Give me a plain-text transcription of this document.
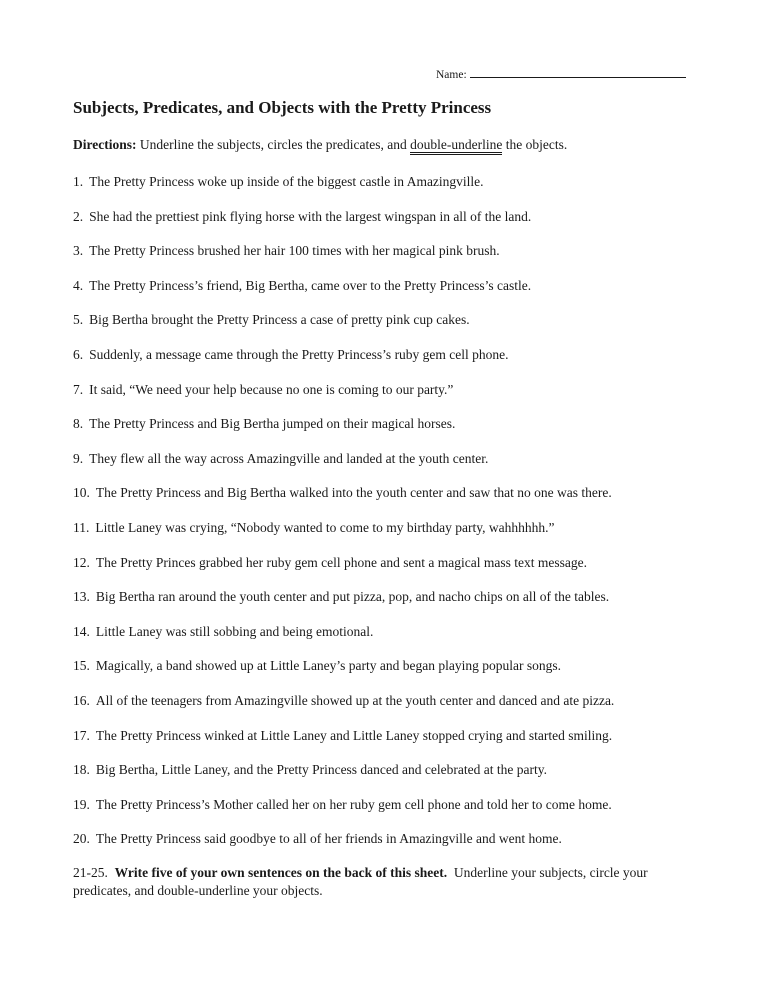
Name:
Subjects, Predicates, and Objects with the Pretty Princess
Directions: Underline the subjects, circles the predicates, and double-underline the objects.
1. The Pretty Princess woke up inside of the biggest castle in Amazingville.
2. She had the prettiest pink flying horse with the largest wingspan in all of the land.
3. The Pretty Princess brushed her hair 100 times with her magical pink brush.
4. The Pretty Princess’s friend, Big Bertha, came over to the Pretty Princess’s castle.
5. Big Bertha brought the Pretty Princess a case of pretty pink cup cakes.
6. Suddenly, a message came through the Pretty Princess’s ruby gem cell phone.
7. It said, “We need your help because no one is coming to our party.”
8. The Pretty Princess and Big Bertha jumped on their magical horses.
9. They flew all the way across Amazingville and landed at the youth center.
10. The Pretty Princess and Big Bertha walked into the youth center and saw that no one was there.
11. Little Laney was crying, “Nobody wanted to come to my birthday party, wahhhhhh.”
12. The Pretty Princes grabbed her ruby gem cell phone and sent a magical mass text message.
13. Big Bertha ran around the youth center and put pizza, pop, and nacho chips on all of the tables.
14. Little Laney was still sobbing and being emotional.
15. Magically, a band showed up at Little Laney’s party and began playing popular songs.
16. All of the teenagers from Amazingville showed up at the youth center and danced and ate pizza.
17. The Pretty Princess winked at Little Laney and Little Laney stopped crying and started smiling.
18. Big Bertha, Little Laney, and the Pretty Princess danced and celebrated at the party.
19. The Pretty Princess’s Mother called her on her ruby gem cell phone and told her to come home.
20. The Pretty Princess said goodbye to all of her friends in Amazingville and went home.
21-25. Write five of your own sentences on the back of this sheet. Underline your subjects, circle your predicates, and double-underline your objects.
